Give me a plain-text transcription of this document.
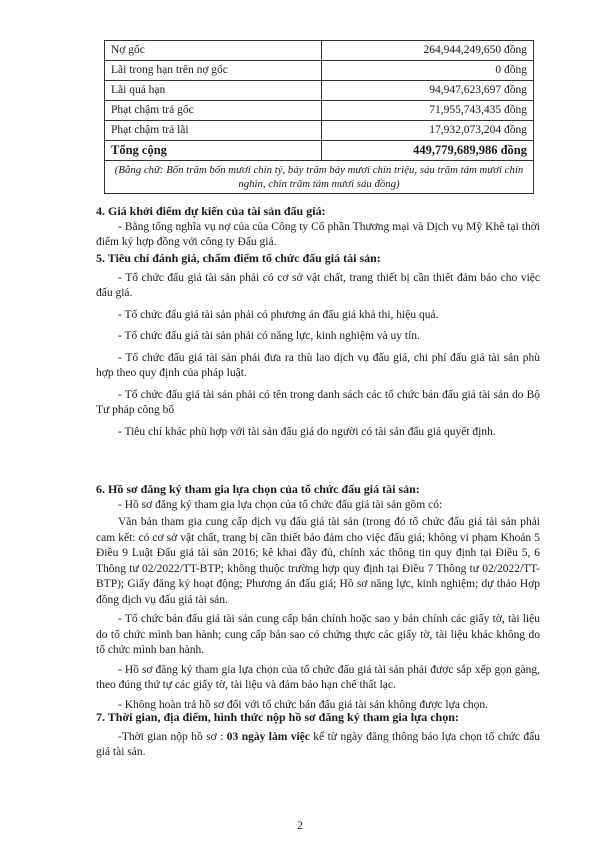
Nợ gốc	264,944,249,650 đồng
Lãi trong hạn trên nợ gốc	0 đồng
Lãi quá hạn	94,947,623,697 đồng
Phạt chậm trả gốc	71,955,743,435 đồng
Phạt chậm trả lãi	17,932,073,204 đồng
Tổng cộng	449,779,689,986 đồng
(Bằng chữ: Bốn trăm bốn mươi chín tỷ, bảy trăm bảy mươi chín triệu, sáu trăm tám mươi chín nghìn, chín trăm tám mươi sáu đồng)	
4. Giá khởi điểm dự kiến của tài sản đấu giá:
- Bằng tổng nghĩa vụ nợ của của Công ty Cổ phần Thương mại và Dịch vụ Mỹ Khê tại thời điểm ký hợp đồng với công ty Đấu giá.
5. Tiêu chí đánh giá, chấm điểm tổ chức đấu giá tài sản:
- Tổ chức đấu giá tài sản phải có cơ sở vật chất, trang thiết bị cần thiết đảm bảo cho việc đấu giá.
- Tổ chức đấu giá tài sản phải có phương án đấu giá khả thi, hiệu quả.
- Tổ chức đấu giá tài sản phải có năng lực, kinh nghiệm và uy tín.
- Tổ chức đấu giá tài sản phải đưa ra thù lao dịch vụ đấu giá, chi phí đấu giá tài sản phù hợp theo quy định của pháp luật.
- Tổ chức đấu giá tài sản phải có tên trong danh sách các tổ chức bán đấu giá tài sản do Bộ Tư pháp công bố
- Tiêu chí khác phù hợp với tài sản đấu giá do người có tài sản đấu giá quyết định.
6. Hồ sơ đăng ký tham gia lựa chọn của tổ chức đấu giá tài sản:
- Hồ sơ đăng ký tham gia lựa chọn của tổ chức đấu giá tài sản gồm có:
Văn bản tham gia cung cấp dịch vụ đấu giá tài sản (trong đó tổ chức đấu giá tài sản phải cam kết: có cơ sở vật chất, trang bị cần thiết bảo đảm cho việc đấu giá; không vi phạm Khoản 5 Điều 9 Luật Đấu giá tài sản 2016; kê khai đầy đủ, chính xác thông tin quy định tại Điều 5, 6 Thông tư 02/2022/TT-BTP; không thuộc trường hợp quy định tại Điều 7 Thông tư 02/2022/TT-BTP); Giấy đăng ký hoạt động; Phương án đấu giá; Hồ sơ năng lực, kinh nghiệm; dự thảo Hợp đồng dịch vụ đấu giá tài sản.
- Tổ chức bán đấu giá tài sản cung cấp bản chính hoặc sao y bản chính các giấy tờ, tài liệu do tổ chức mình ban hành; cung cấp bản sao có chứng thực các giấy tờ, tài liệu khác không do tổ chức mình ban hành.
- Hồ sơ đăng ký tham gia lựa chọn của tổ chức đấu giá tài sản phải được sắp xếp gọn gàng, theo đúng thứ tự các giấy tờ, tài liệu và đảm bảo hạn chế thất lạc.
- Không hoàn trả hồ sơ đối với tổ chức bán đấu giá tài sản không được lựa chọn.
7. Thời gian, địa điểm, hình thức nộp hồ sơ đăng ký tham gia lựa chọn:
-Thời gian nộp hồ sơ : 03 ngày làm việc kể từ ngày đăng thông báo lựa chọn tổ chức đấu giá tài sản.
2
